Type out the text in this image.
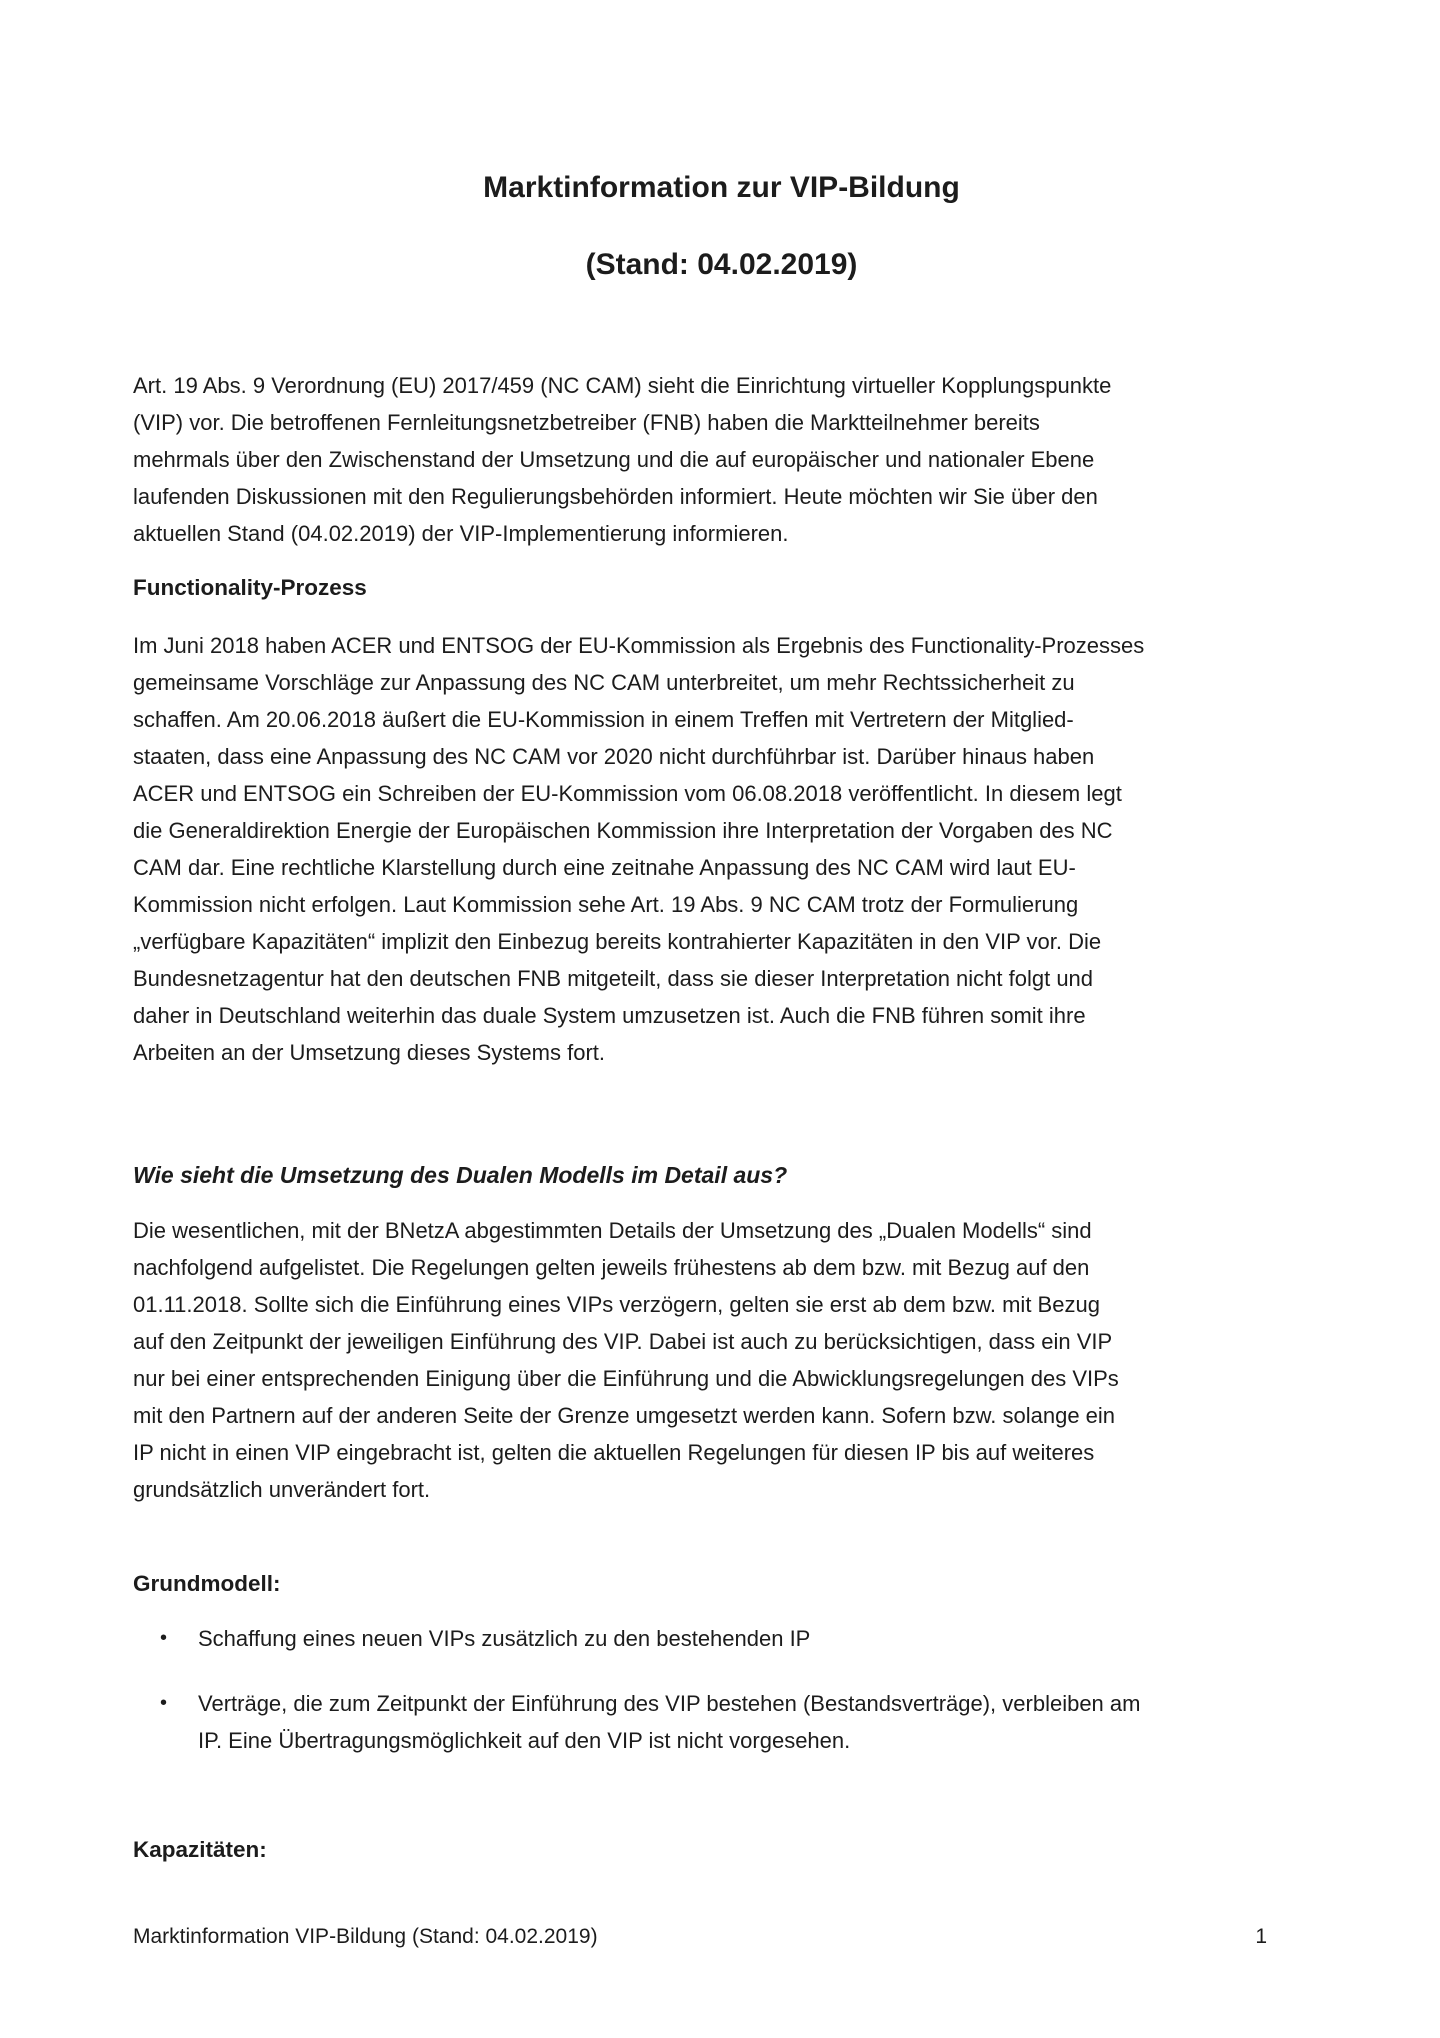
Marktinformation zur VIP-Bildung
(Stand: 04.02.2019)
Art. 19 Abs. 9 Verordnung (EU) 2017/459 (NC CAM) sieht die Einrichtung virtueller Kopplungspunkte
(VIP) vor. Die betroffenen Fernleitungsnetzbetreiber (FNB) haben die Marktteilnehmer bereits
mehrmals über den Zwischenstand der Umsetzung und die auf europäischer und nationaler Ebene
laufenden Diskussionen mit den Regulierungsbehörden informiert. Heute möchten wir Sie über den
aktuellen Stand (04.02.2019) der VIP-Implementierung informieren.
Functionality-Prozess
Im Juni 2018 haben ACER und ENTSOG der EU-Kommission als Ergebnis des Functionality-Prozesses
gemeinsame Vorschläge zur Anpassung des NC CAM unterbreitet, um mehr Rechtssicherheit zu
schaffen. Am 20.06.2018 äußert die EU-Kommission in einem Treffen mit Vertretern der Mitglied-
staaten, dass eine Anpassung des NC CAM vor 2020 nicht durchführbar ist. Darüber hinaus haben
ACER und ENTSOG ein Schreiben der EU-Kommission vom 06.08.2018 veröffentlicht. In diesem legt
die Generaldirektion Energie der Europäischen Kommission ihre Interpretation der Vorgaben des NC
CAM dar. Eine rechtliche Klarstellung durch eine zeitnahe Anpassung des NC CAM wird laut EU-
Kommission nicht erfolgen. Laut Kommission sehe Art. 19 Abs. 9 NC CAM trotz der Formulierung
„verfügbare Kapazitäten“ implizit den Einbezug bereits kontrahierter Kapazitäten in den VIP vor. Die
Bundesnetzagentur hat den deutschen FNB mitgeteilt, dass sie dieser Interpretation nicht folgt und
daher in Deutschland weiterhin das duale System umzusetzen ist. Auch die FNB führen somit ihre
Arbeiten an der Umsetzung dieses Systems fort.
Wie sieht die Umsetzung des Dualen Modells im Detail aus?
Die wesentlichen, mit der BNetzA abgestimmten Details der Umsetzung des „Dualen Modells“ sind
nachfolgend aufgelistet. Die Regelungen gelten jeweils frühestens ab dem bzw. mit Bezug auf den
01.11.2018. Sollte sich die Einführung eines VIPs verzögern, gelten sie erst ab dem bzw. mit Bezug
auf den Zeitpunkt der jeweiligen Einführung des VIP. Dabei ist auch zu berücksichtigen, dass ein VIP
nur bei einer entsprechenden Einigung über die Einführung und die Abwicklungsregelungen des VIPs
mit den Partnern auf der anderen Seite der Grenze umgesetzt werden kann. Sofern bzw. solange ein
IP nicht in einen VIP eingebracht ist, gelten die aktuellen Regelungen für diesen IP bis auf weiteres
grundsätzlich unverändert fort.
Grundmodell:
•	Schaffung eines neuen VIPs zusätzlich zu den bestehenden IP
•	Verträge, die zum Zeitpunkt der Einführung des VIP bestehen (Bestandsverträge), verbleiben am
IP. Eine Übertragungsmöglichkeit auf den VIP ist nicht vorgesehen.
Kapazitäten:
Marktinformation VIP-Bildung (Stand: 04.02.2019)	1
